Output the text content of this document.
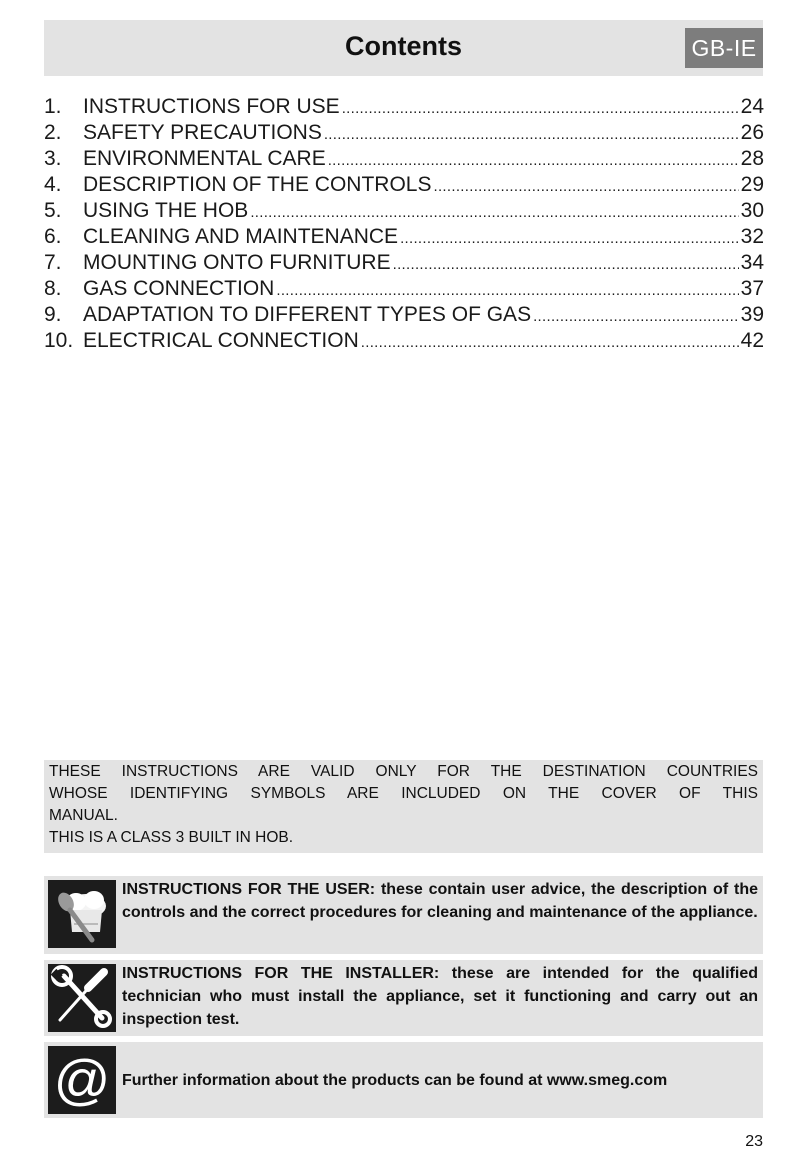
Contents	GB-IE
1.	INSTRUCTIONS FOR USE .....	24
2.	SAFETY PRECAUTIONS .....	26
3.	ENVIRONMENTAL CARE .....	28
4.	DESCRIPTION OF THE CONTROLS .....	29
5.	USING THE HOB .....	30
6.	CLEANING AND MAINTENANCE .....	32
7.	MOUNTING ONTO FURNITURE .....	34
8.	GAS CONNECTION .....	37
9.	ADAPTATION TO DIFFERENT TYPES OF GAS .....	39
10. ELECTRICAL CONNECTION .....	42
THESE INSTRUCTIONS ARE VALID ONLY FOR THE DESTINATION COUNTRIES
WHOSE IDENTIFYING SYMBOLS ARE INCLUDED ON THE COVER OF THIS
MANUAL.
THIS IS A CLASS 3 BUILT IN HOB.
INSTRUCTIONS FOR THE USER: these contain user advice, the description of the controls and the correct procedures for cleaning and maintenance of the appliance.
INSTRUCTIONS FOR THE INSTALLER: these are intended for the qualified technician who must install the appliance, set it functioning and carry out an inspection test.
@ Further information about the products can be found at www.smeg.com
23
